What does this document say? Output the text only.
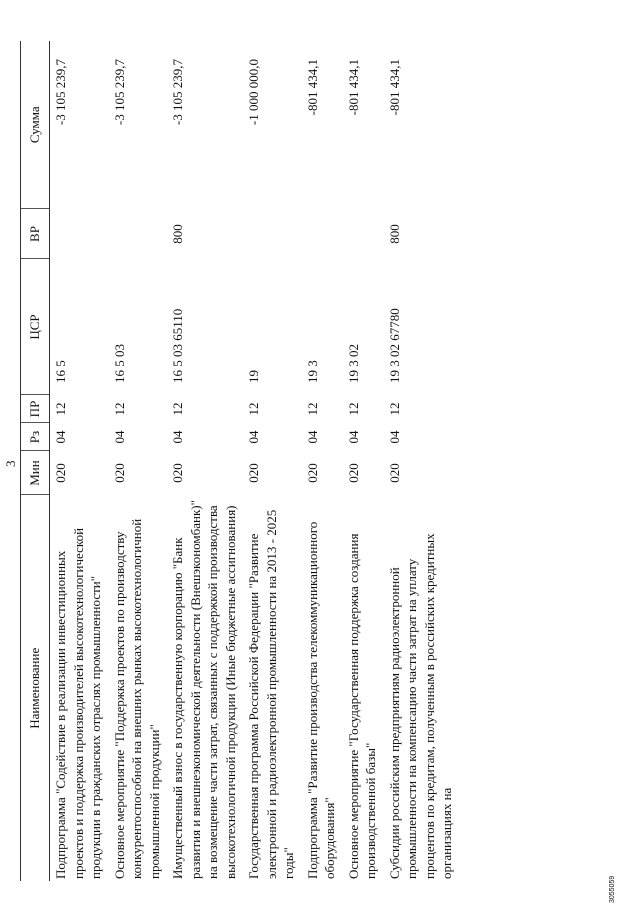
3
Наименование	Мин	Рз	ПР	ЦСР	ВР	Сумма
Подпрограмма "Содействие в реализации инвестиционных проектов и поддержка производителей высокотехнологической продукции в гражданских отраслях промышленности"	020	04	12	16 5		-3 105 239,7
Основное мероприятие "Поддержка проектов по производству конкурентоспособной на внешних рынках высокотехнологичной промышленной продукции"	020	04	12	16 5 03		-3 105 239,7
Имущественный взнос в государственную корпорацию "Банк развития и внешнеэкономической деятельности (Внешэкономбанк)" на возмещение части затрат, связанных с поддержкой производства высокотехнологичной продукции (Иные бюджетные ассигнования)	020	04	12	16 5 03 65110	800	-3 105 239,7
Государственная программа Российской Федерации "Развитие электронной и радиоэлектронной промышленности на 2013 - 2025 годы"	020	04	12	19		-1 000 000,0
Подпрограмма "Развитие производства телекоммуникационного оборудования"	020	04	12	19 3		-801 434,1
Основное мероприятие "Государственная поддержка создания производственной базы"	020	04	12	19 3 02		-801 434,1
Субсидии российским предприятиям радиоэлектронной промышленности на компенсацию части затрат на уплату процентов по кредитам, полученным в российских кредитных организациях на	020	04	12	19 3 02 67780	800	-801 434,1
3055059
